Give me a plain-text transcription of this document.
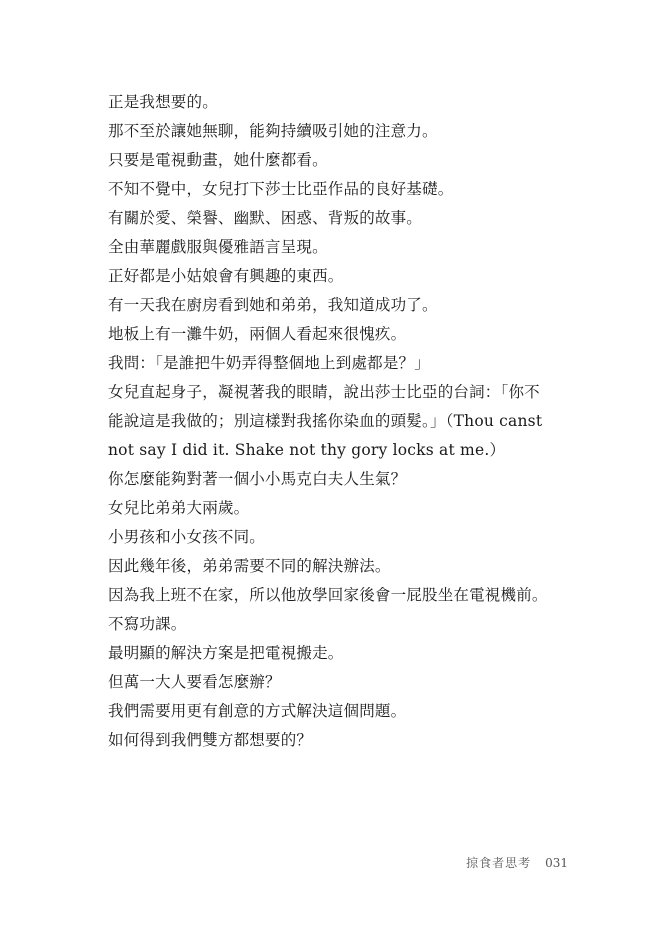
正是我想要的。
那不至於讓她無聊，能夠持續吸引她的注意力。
只要是電視動畫，她什麼都看。
不知不覺中，女兒打下莎士比亞作品的良好基礎。
有關於愛、榮譽、幽默、困惑、背叛的故事。
全由華麗戲服與優雅語言呈現。
正好都是小姑娘會有興趣的東西。
有一天我在廚房看到她和弟弟，我知道成功了。
地板上有一灘牛奶，兩個人看起來很愧疚。
我問：「是誰把牛奶弄得整個地上到處都是？」
女兒直起身子，凝視著我的眼睛，說出莎士比亞的台詞：「你不
能說這是我做的；別這樣對我搖你染血的頭髮。」（Thou canst
not say I did it. Shake not thy gory locks at me.）
你怎麼能夠對著一個小小馬克白夫人生氣？
女兒比弟弟大兩歲。
小男孩和小女孩不同。
因此幾年後，弟弟需要不同的解決辦法。
因為我上班不在家，所以他放學回家後會一屁股坐在電視機前。
不寫功課。
最明顯的解決方案是把電視搬走。
但萬一大人要看怎麼辦？
我們需要用更有創意的方式解決這個問題。
如何得到我們雙方都想要的？
掠食者思考 031
